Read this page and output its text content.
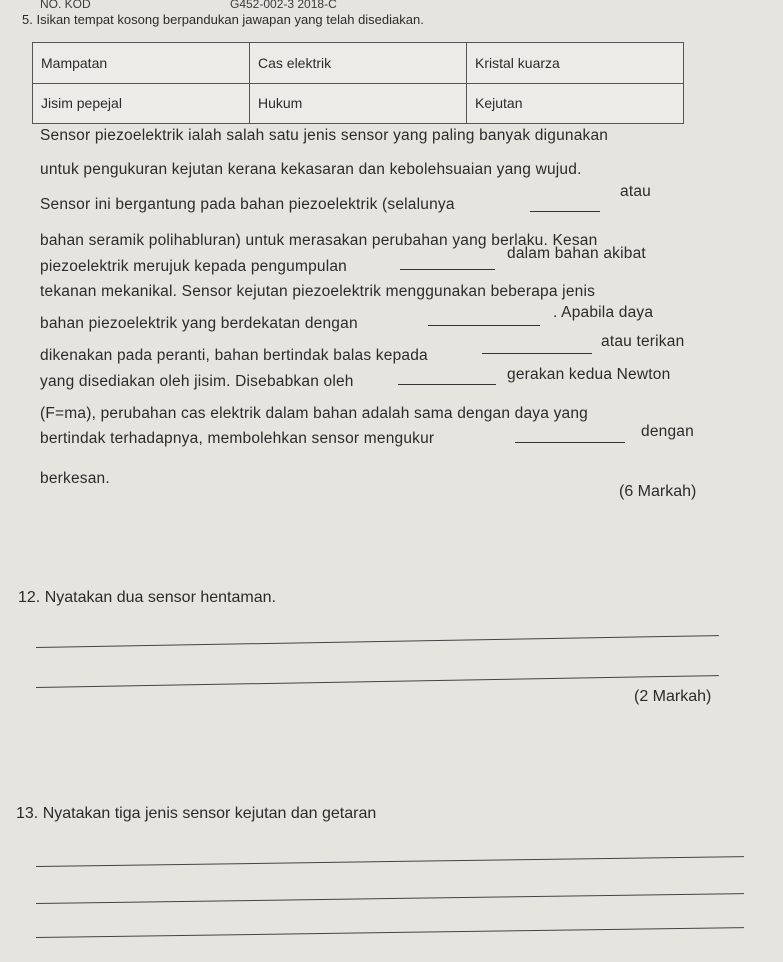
NO. KOD	G452-002-3 2018-C
5. Isikan tempat kosong berpandukan jawapan yang telah disediakan.
Mampatan	Cas elektrik	Kristal kuarza
Jisim pepejal	Hukum	Kejutan
Sensor piezoelektrik ialah salah satu jenis sensor yang paling banyak digunakan
untuk pengukuran kejutan kerana kekasaran dan kebolehsuaian yang wujud.
Sensor ini bergantung pada bahan piezoelektrik (selalunya
atau
bahan seramik polihabluran) untuk merasakan perubahan yang berlaku. Kesan
piezoelektrik merujuk kepada pengumpulan
dalam bahan akibat
tekanan mekanikal. Sensor kejutan piezoelektrik menggunakan beberapa jenis
bahan piezoelektrik yang berdekatan dengan
. Apabila daya
dikenakan pada peranti, bahan bertindak balas kepada
atau terikan
yang disediakan oleh jisim. Disebabkan oleh	gerakan kedua Newton
(F=ma), perubahan cas elektrik dalam bahan adalah sama dengan daya yang
bertindak terhadapnya, membolehkan sensor mengukur	dengan
berkesan.
(6 Markah)
12. Nyatakan dua sensor hentaman.
(2 Markah)
13. Nyatakan tiga jenis sensor kejutan dan getaran
